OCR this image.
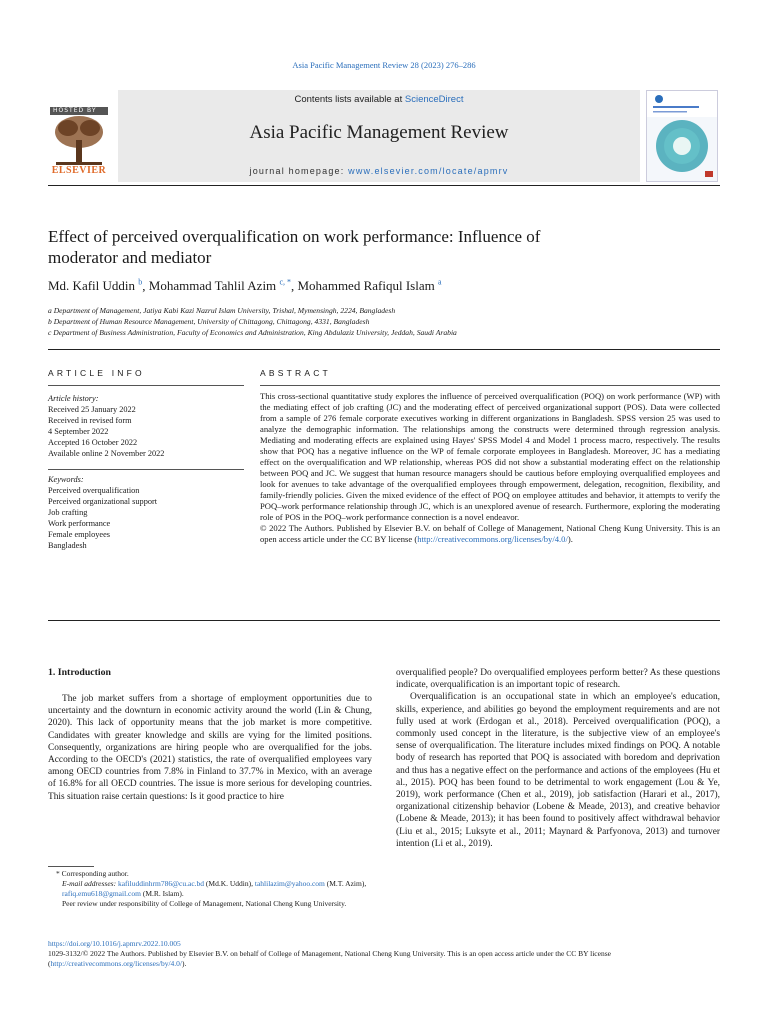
Asia Pacific Management Review 28 (2023) 276–286
HOSTED BY
ELSEVIER
Contents lists available at ScienceDirect
Asia Pacific Management Review
journal homepage: www.elsevier.com/locate/apmrv
Effect of perceived overqualification on work performance: Influence of
moderator and mediator
Md. Kafil Uddin $^b$, Mohammad Tahlil Azim $^{c, *}$, Mohammed Rafiqul Islam $^a$
a Department of Management, Jatiya Kabi Kazi Nazrul Islam University, Trishal, Mymensingh, 2224, Bangladesh
b Department of Human Resource Management, University of Chittagong, Chittagong, 4331, Bangladesh
c Department of Business Administration, Faculty of Economics and Administration, King Abdulaziz University, Jeddah, Saudi Arabia
ARTICLE INFO	ABSTRACT
Article history:
Received 25 January 2022
Received in revised form
4 September 2022
Accepted 16 October 2022
Available online 2 November 2022
Keywords:
Perceived overqualification
Perceived organizational support
Job crafting
Work performance
Female employees
Bangladesh
This cross-sectional quantitative study explores the influence of perceived overqualification (POQ) on work performance (WP) with the mediating effect of job crafting (JC) and the moderating effect of perceived organizational support (POS). Data were collected from a sample of 276 female corporate executives working in different organizations in Bangladesh. SPSS version 25 was used to analyze the demographic information. The relationships among the constructs were determined through regression analysis. Mediating and moderating effects are explained using Hayes' SPSS Model 4 and Model 1 process macro, respectively. The results show that POQ has a negative influence on the WP of female corporate employees in Bangladesh. Moreover, JC has a mediating effect on the overqualification and WP relationship, whereas POS did not show a substantial moderating effect on the relationship between POQ and JC. We suggest that human resource managers should be cautious before employing overqualified employees and look for avenues to take advantage of the overqualified employees through empowerment, delegation, recognition, flexibility, and family-friendly policies. Given the mixed evidence of the effect of POQ on employee attitudes and behavior, it attempts to verify the POQ–work performance relationship through JC, which is an unexplored avenue of research. Furthermore, exploring the moderating role of POS in the POQ–work performance connection is a novel endeavor.
© 2022 The Authors. Published by Elsevier B.V. on behalf of College of Management, National Cheng Kung University. This is an open access article under the CC BY license (http://creativecommons.org/licenses/by/4.0/).
1. Introduction

The job market suffers from a shortage of employment opportunities due to uncertainty and the downturn in economic activity around the world (Lin & Chung, 2020). This lack of opportunity means that the job market is more competitive. Candidates with greater knowledge and skills are vying for the limited positions. Consequently, organizations are hiring people who are overqualified for the jobs. According to the OECD's (2021) statistics, the rate of overqualified employees vary among OECD countries from 7.8% in Finland to 37.7% in Mexico, with an average of 16.8% for all OECD countries. The issue is more serious for developing countries. This situation raise certain questions: Is it good practice to hire

overqualified people? Do overqualified employees perform better? As these questions indicate, overqualification is an important topic of research.

Overqualification is an occupational state in which an employee's education, skills, experience, and abilities go beyond the employment requirements and are not fully used at work (Erdogan et al., 2018). Perceived overqualification (POQ), a commonly used concept in the literature, is the subjective view of an employee's sense of overqualification. The literature includes mixed findings on POQ. A notable body of research has reported that POQ is associated with boredom and deprivation and thus has a negative effect on the performance and actions of the employees (Hu et al., 2015). POQ has been found to be detrimental to work engagement (Lou & Ye, 2019), work performance (Chen et al., 2019), job satisfaction (Harari et al., 2017), organizational citizenship behavior (Lobene & Meade, 2013), and creative behavior (Lobene & Meade, 2013); it has been found to positively affect withdrawal behavior (Liu et al., 2015; Luksyte et al., 2011; Maynard & Parfyonova, 2013) and turnover intention (Li et al., 2019).

* Corresponding author.
E-mail addresses: kafiluddinhrm786@cu.ac.bd (Md.K. Uddin), tahlilazim@yahoo.com (M.T. Azim), rafiq.emu618@gmail.com (M.R. Islam).
Peer review under responsibility of College of Management, National Cheng Kung University.
https://doi.org/10.1016/j.apmrv.2022.10.005
1029-3132/© 2022 The Authors. Published by Elsevier B.V. on behalf of College of Management, National Cheng Kung University. This is an open access article under the CC BY license (http://creativecommons.org/licenses/by/4.0/).
